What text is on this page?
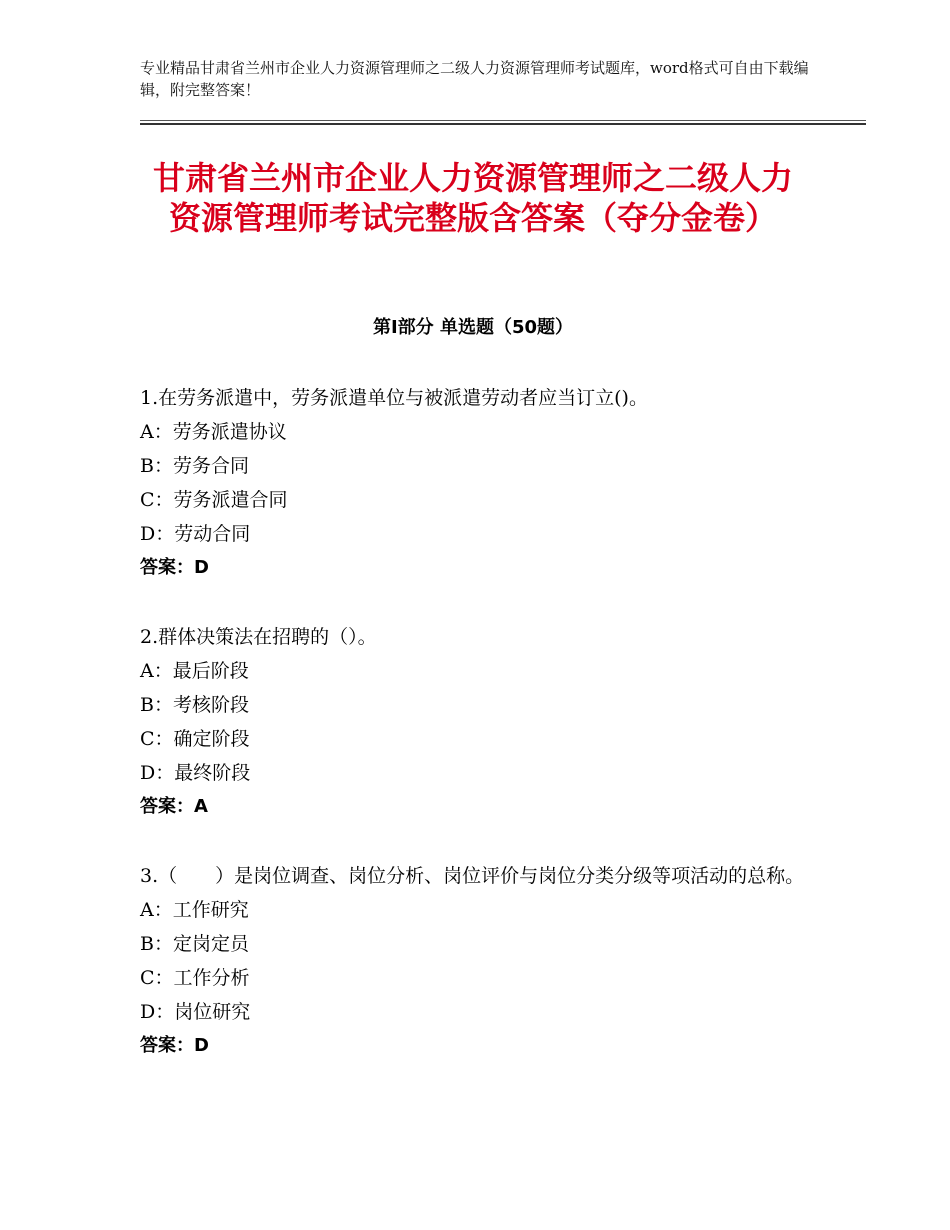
专业精品甘肃省兰州市企业人力资源管理师之二级人力资源管理师考试题库，word格式可自由下载编辑，附完整答案！
甘肃省兰州市企业人力资源管理师之二级人力资源管理师考试完整版含答案（夺分金卷）
第Ⅰ部分 单选题（50题）

1.在劳务派遣中，劳务派遣单位与被派遣劳动者应当订立()。

A：劳务派遣协议

B：劳务合同

C：劳务派遣合同

D：劳动合同

答案：D

2.群体决策法在招聘的（）。

A：最后阶段

B：考核阶段

C：确定阶段

D：最终阶段

答案：A

3.（　　）是岗位调查、岗位分析、岗位评价与岗位分类分级等项活动的总称。

A：工作研究

B：定岗定员

C：工作分析

D：岗位研究

答案：D
